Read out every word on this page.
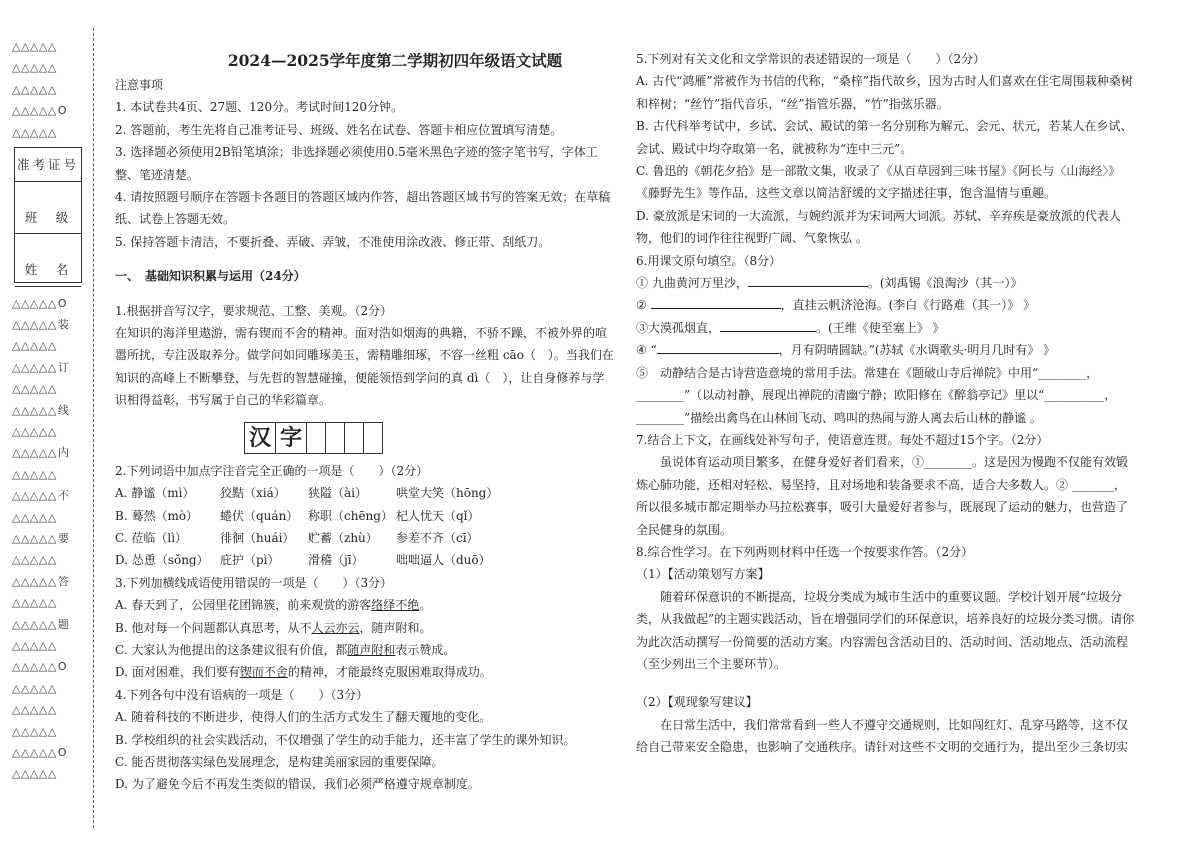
△△△△△
△△△△△
△△△△△
△△△△△O
△△△△△
△△△△△O
△△△△△装
△△△△△
△△△△△订
△△△△△
△△△△△线
△△△△△
△△△△△内
△△△△△
△△△△△不
△△△△△
△△△△△要
△△△△△
△△△△△答
△△△△△
△△△△△题
△△△△△
△△△△△O
△△△△△
△△△△△
△△△△△
△△△△△O
△△△△△
准考证号
班　级
姓　名
2024—2025学年度第二学期初四年级语文试题

注意事项

1. 本试卷共4页、27题、120分。考试时间120分钟。

2. 答题前，考生先将自己准考证号、班级、姓名在试卷、答题卡相应位置填写清楚。

3. 选择题必须使用2B铅笔填涂；非选择题必须使用0.5毫米黑色字迹的签字笔书写，字体工整、笔迹清楚。

4. 请按照题号顺序在答题卡各题目的答题区域内作答，超出答题区域书写的答案无效；在草稿纸、试卷上答题无效。

5. 保持答题卡清洁，不要折叠、弄破、弄皱，不准使用涂改液、修正带、刮纸刀。

一、　基础知识积累与运用（24分）

1.根据拼音写汉字，要求规范、工整、美观。（2分）

在知识的海洋里遨游，需有锲而不舍的精神。面对浩如烟海的典籍，不骄不躁，不被外界的喧嚣所扰，专注汲取养分。做学问如同雕琢美玉，需精雕细琢，不容一丝粗 cāo（　）。当我们在知识的高峰上不断攀登，与先哲的智慧碰撞，便能领悟到学问的真 dì（　），让自身修养与学识相得益彰，书写属于自己的华彩篇章。

汉 字

2.下列词语中加点字注音完全正确的一项是（　　）（2分）

A. 静谧（mì）	狡黠（xiá）	狭隘（ài）	哄堂大笑（hōng）
B. 蓦然（mò）	蜷伏（quán） 称职（chēng） 杞人忧天（qǐ）
C. 莅临（lì）	徘徊（huái）	贮蓄（zhù）	参差不齐（cī）
D. 怂恿（sǒng） 庇护（pì）	滑稽（jī）	咄咄逼人（duō）

3.下列加横线成语使用错误的一项是（　　）（3分）

A. 春天到了，公园里花团锦簇，前来观赏的游客络绎不绝。

B. 他对每一个问题都认真思考，从不人云亦云，随声附和。

C. 大家认为他提出的这条建议很有价值，都随声附和表示赞成。

D. 面对困难，我们要有锲而不舍的精神，才能最终克服困难取得成功。

4.下列各句中没有语病的一项是（　　）（3分）

A. 随着科技的不断进步，使得人们的生活方式发生了翻天覆地的变化。

B. 学校组织的社会实践活动，不仅增强了学生的动手能力，还丰富了学生的课外知识。

C. 能否贯彻落实绿色发展理念，是构建美丽家园的重要保障。

D. 为了避免今后不再发生类似的错误，我们必须严格遵守规章制度。

5.下列对有关文化和文学常识的表述错误的一项是（　　）（2分）

A. 古代“鸿雁”常被作为书信的代称，“桑梓”指代故乡，因为古时人们喜欢在住宅周围栽种桑树和梓树；“丝竹”指代音乐，“丝”指管乐器，“竹”指弦乐器。

B. 古代科举考试中，乡试、会试、殿试的第一名分别称为解元、会元、状元，若某人在乡试、会试、殿试中均夺取第一名，就被称为“连中三元”。

C. 鲁迅的《朝花夕拾》是一部散文集，收录了《从百草园到三味书屋》《阿长与〈山海经〉》《藤野先生》等作品，这些文章以简洁舒缓的文字描述往事，饱含温情与重趣。

D. 豪放派是宋词的一大流派，与婉约派并为宋词两大词派。苏轼、辛弃疾是豪放派的代表人物，他们的词作往往视野广阔、气象恢弘 。

6.用课文原句填空。（8分）

① 九曲黄河万里沙，	。(刘禹锡《浪淘沙（其一）》

②	，直挂云帆济沧海。(李白《行路难（其一）》 》

③大漠孤烟直，	。(王维《使至塞上》 》

④ “	，月有阴晴圆缺。”(苏轼《水调歌头·明月几时有》 》

⑤　动静结合是古诗营造意境的常用手法。常建在《题破山寺后禅院》中用“________，________”（以动衬静，展现出禅院的清幽宁静；欧阳修在《醉翁亭记》里以“__________，________”描绘出禽鸟在山林间飞动、鸣叫的热闹与游人离去后山林的静谧 。

7.结合上下文，在画线处补写句子，使语意连贯。每处不超过15个字。（2分）

虽说体育运动项目繁多，在健身爱好者们看来，①________。这是因为慢跑不仅能有效锻炼心肺功能，还相对轻松、易坚持，且对场地和装备要求不高，适合大多数人。② _______，所以很多城市都定期举办马拉松赛事，吸引大量爱好者参与，既展现了运动的魅力，也营造了全民健身的氛围。

8.综合性学习。在下列两则材料中任选一个按要求作答。（2分）

（1）【活动策划写方案】

随着环保意识的不断提高，垃圾分类成为城市生活中的重要议题。学校计划开展“垃圾分类，从我做起”的主题实践活动，旨在增强同学们的环保意识，培养良好的垃圾分类习惯。请你为此次活动撰写一份简要的活动方案。内容需包含活动目的、活动时间、活动地点、活动流程（至少列出三个主要环节）。

（2）【观现象写建议】

在日常生活中，我们常常看到一些人不遵守交通规则，比如闯红灯、乱穿马路等，这不仅给自己带来安全隐患，也影响了交通秩序。请针对这些不文明的交通行为，提出至少三条切实
